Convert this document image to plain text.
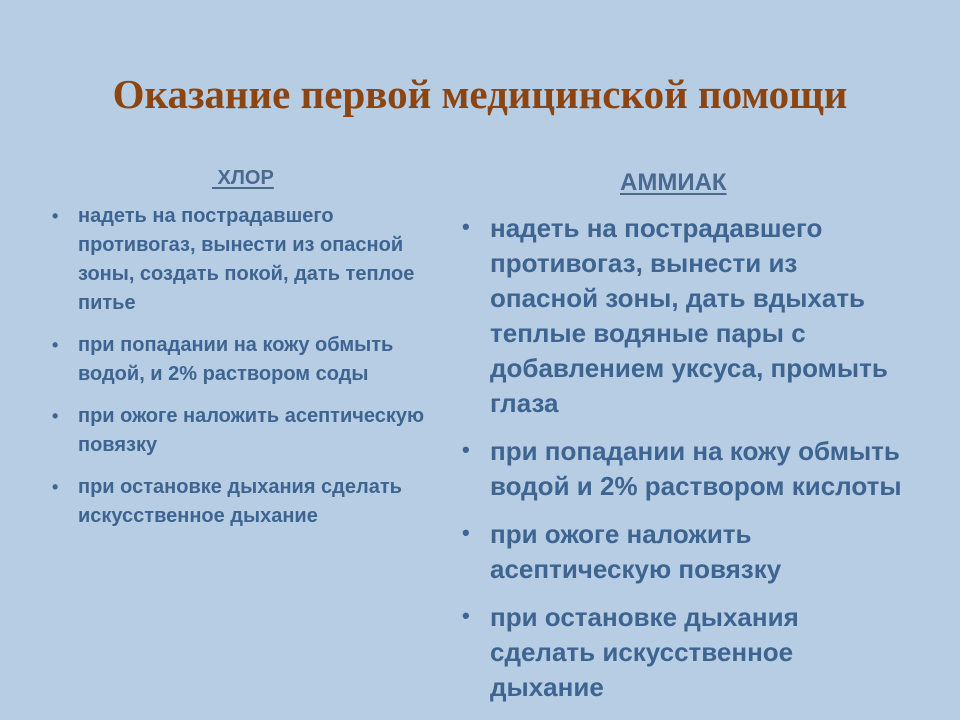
Оказание первой медицинской помощи
ХЛОР
• надеть на пострадавшего противогаз, вынести из опасной зоны, создать покой, дать теплое питье
• при попадании на кожу обмыть водой, и 2% раствором соды
• при ожоге наложить асептическую повязку
• при остановке дыхания сделать искусственное дыхание
АММИАК
• надеть на пострадавшего противогаз, вынести из опасной зоны, дать вдыхать теплые водяные пары с добавлением уксуса, промыть глаза
• при попадании на кожу обмыть водой и 2% раствором кислоты
• при ожоге наложить асептическую повязку
• при остановке дыхания сделать искусственное дыхание
